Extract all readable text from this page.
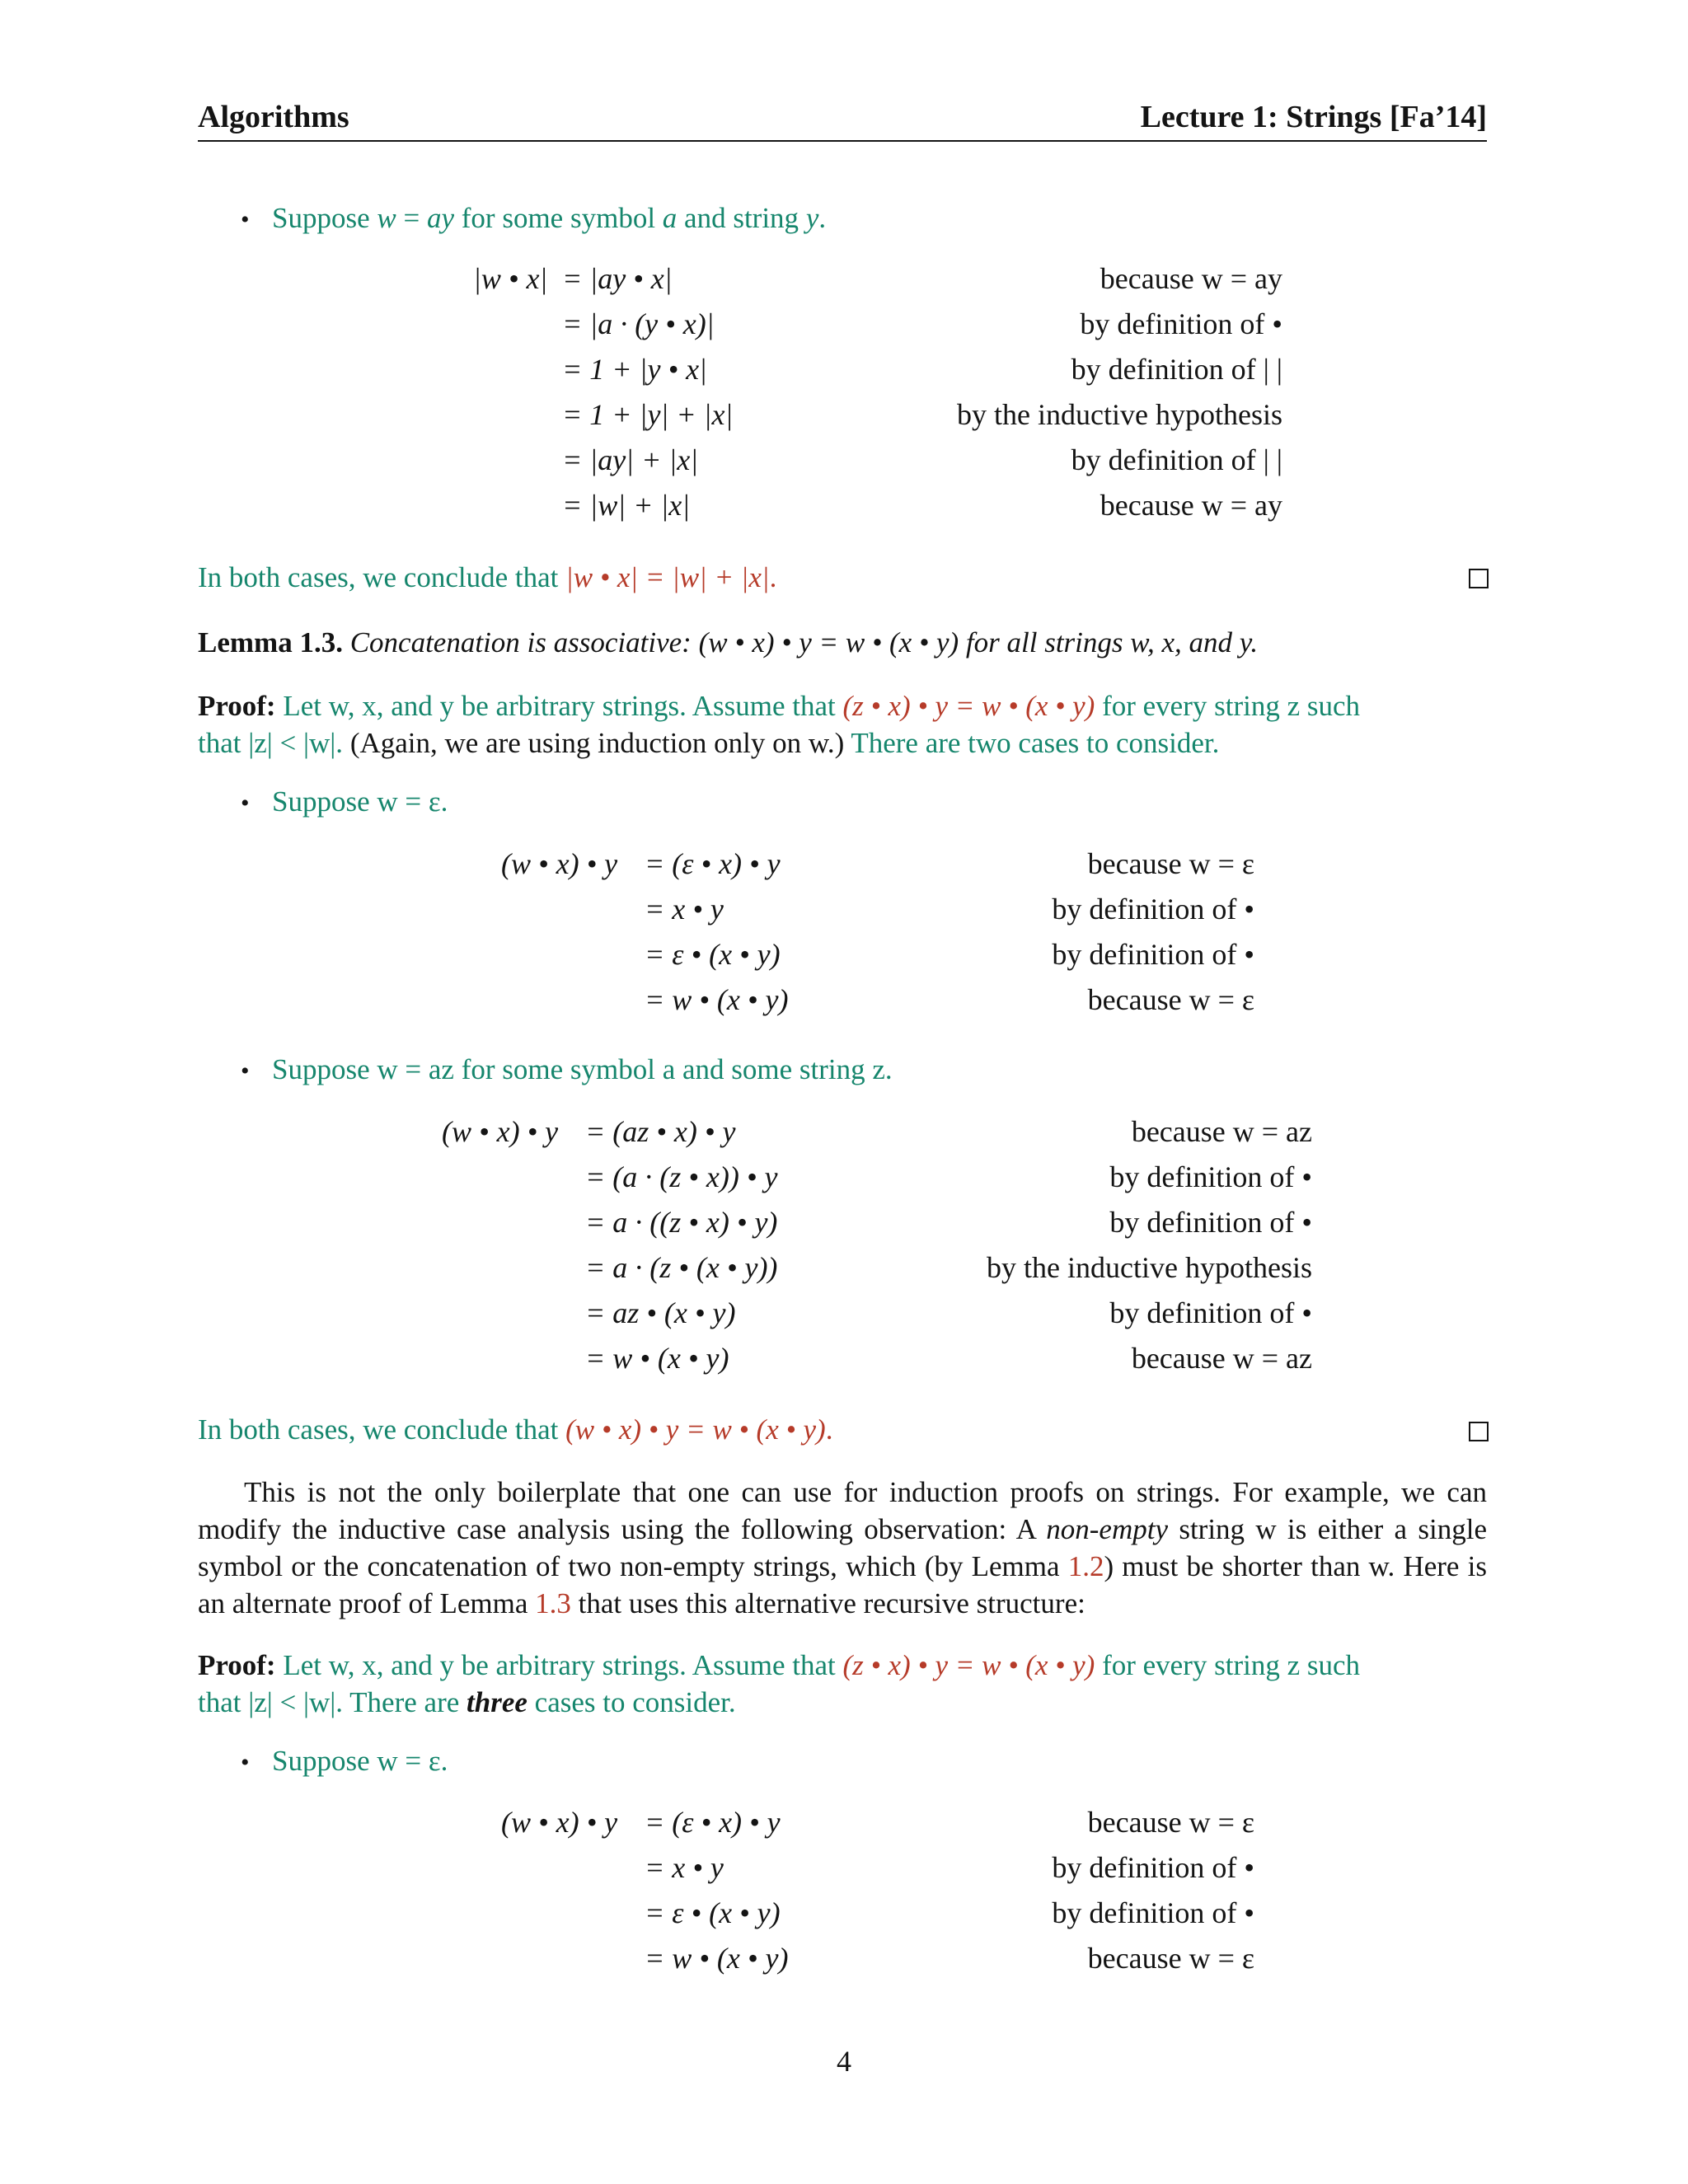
Algorithms	Lecture 1: Strings [Fa’14]
• Suppose w = ay for some symbol a and string y.
|w • x| = |ay • x|	because w = ay
= |a · (y • x)|	by definition of •
= 1 + |y • x|	by definition of | |
= 1 + |y| + |x|	by the inductive hypothesis
= |ay| + |x|	by definition of | |
= |w| + |x|	because w = ay
In both cases, we conclude that |w • x| = |w| + |x|.
Lemma 1.3. Concatenation is associative: (w • x) • y = w • (x • y) for all strings w, x, and y.
Proof: Let w, x, and y be arbitrary strings. Assume that (z • x) • y = w • (x • y) for every string z such
that |z| < |w|. (Again, we are using induction only on w.) There are two cases to consider.
• Suppose w = ε.
(w • x) • y = (ε • x) • y	because w = ε
= x • y	by definition of •
= ε • (x • y)	by definition of •
= w • (x • y)	because w = ε
• Suppose w = az for some symbol a and some string z.
(w • x) • y = (az • x) • y	because w = az
= (a · (z • x)) • y	by definition of •
= a · ((z • x) • y)	by definition of •
= a · (z • (x • y))	by the inductive hypothesis
= az • (x • y)	by definition of •
= w • (x • y)	because w = az
In both cases, we conclude that (w • x) • y = w • (x • y).
This is not the only boilerplate that one can use for induction proofs on strings. For example, we can modify the inductive case analysis using the following observation: A non-empty string w is either a single symbol or the concatenation of two non-empty strings, which (by Lemma 1.2) must be shorter than w. Here is an alternate proof of Lemma 1.3 that uses this alternative recursive structure:
Proof: Let w, x, and y be arbitrary strings. Assume that (z • x) • y = w • (x • y) for every string z such
that |z| < |w|. There are three cases to consider.
• Suppose w = ε.
(w • x) • y = (ε • x) • y	because w = ε
= x • y	by definition of •
= ε • (x • y)	by definition of •
= w • (x • y)	because w = ε
4
